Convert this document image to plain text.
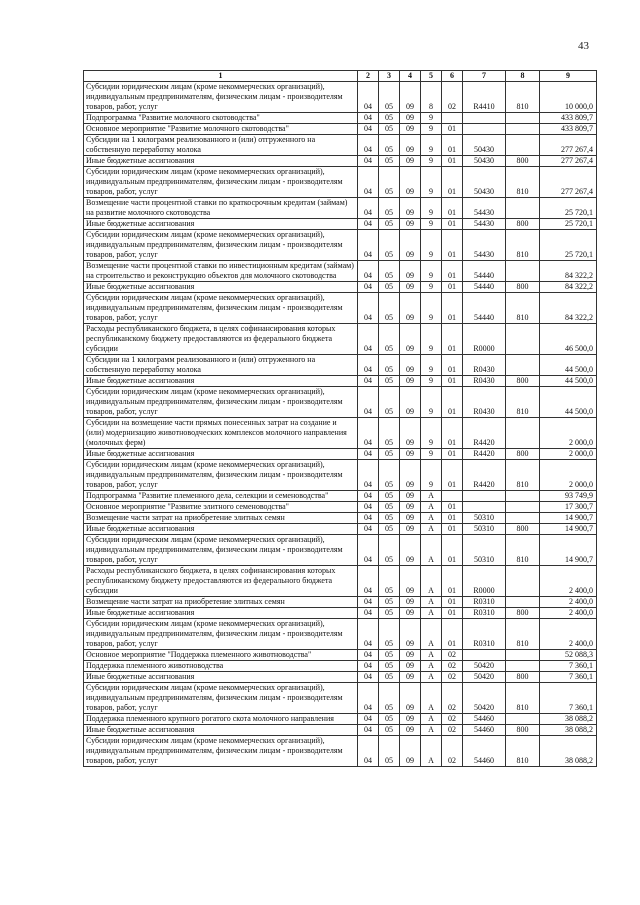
43
1	2	3	4	5	6	7	8	9
Субсидии юридическим лицам (кроме некоммерческих организаций), индивидуальным предпринимателям, физическим лицам - производителям товаров, работ, услуг	04	05	09	8	02	R4410	810	10 000,0
Подпрограмма "Развитие молочного скотоводства"	04	05	09	9				433 809,7
Основное мероприятие "Развитие молочного скотоводства"	04	05	09	9	01			433 809,7
Субсидии на 1 килограмм реализованного и (или) отгруженного на собственную переработку молока	04	05	09	9	01	50430		277 267,4
Иные бюджетные ассигнования	04	05	09	9	01	50430	800	277 267,4
Субсидии юридическим лицам (кроме некоммерческих организаций), индивидуальным предпринимателям, физическим лицам - производителям товаров, работ, услуг	04	05	09	9	01	50430	810	277 267,4
Возмещение части процентной ставки по краткосрочным кредитам (займам) на развитие молочного скотоводства	04	05	09	9	01	54430		25 720,1
Иные бюджетные ассигнования	04	05	09	9	01	54430	800	25 720,1
Субсидии юридическим лицам (кроме некоммерческих организаций), индивидуальным предпринимателям, физическим лицам - производителям товаров, работ, услуг	04	05	09	9	01	54430	810	25 720,1
Возмещение части процентной ставки по инвестиционным кредитам (займам) на строительство и реконструкцию объектов для молочного скотоводства	04	05	09	9	01	54440		84 322,2
Иные бюджетные ассигнования	04	05	09	9	01	54440	800	84 322,2
Субсидии юридическим лицам (кроме некоммерческих организаций), индивидуальным предпринимателям, физическим лицам - производителям товаров, работ, услуг	04	05	09	9	01	54440	810	84 322,2
Расходы республиканского бюджета, в целях софинансирования которых республиканскому бюджету предоставляются из федерального бюджета субсидии	04	05	09	9	01	R0000		46 500,0
Субсидии на 1 килограмм реализованного и (или) отгруженного на собственную переработку молока	04	05	09	9	01	R0430		44 500,0
Иные бюджетные ассигнования	04	05	09	9	01	R0430	800	44 500,0
Субсидии юридическим лицам (кроме некоммерческих организаций), индивидуальным предпринимателям, физическим лицам - производителям товаров, работ, услуг	04	05	09	9	01	R0430	810	44 500,0
Субсидии на возмещение части прямых понесенных затрат на создание и (или) модернизацию животноводческих комплексов молочного направления (молочных ферм)	04	05	09	9	01	R4420		2 000,0
Иные бюджетные ассигнования	04	05	09	9	01	R4420	800	2 000,0
Субсидии юридическим лицам (кроме некоммерческих организаций), индивидуальным предпринимателям, физическим лицам - производителям товаров, работ, услуг	04	05	09	9	01	R4420	810	2 000,0
Подпрограмма "Развитие племенного дела, селекции и семеноводства"	04	05	09	А				93 749,9
Основное мероприятие "Развитие элитного семеноводства"	04	05	09	А	01			17 300,7
Возмещение части затрат на приобретение элитных семян	04	05	09	А	01	50310		14 900,7
Иные бюджетные ассигнования	04	05	09	А	01	50310	800	14 900,7
Субсидии юридическим лицам (кроме некоммерческих организаций), индивидуальным предпринимателям, физическим лицам - производителям товаров, работ, услуг	04	05	09	А	01	50310	810	14 900,7
Расходы республиканского бюджета, в целях софинансирования которых республиканскому бюджету предоставляются из федерального бюджета субсидии	04	05	09	А	01	R0000		2 400,0
Возмещение части затрат на приобретение элитных семян	04	05	09	А	01	R0310		2 400,0
Иные бюджетные ассигнования	04	05	09	А	01	R0310	800	2 400,0
Субсидии юридическим лицам (кроме некоммерческих организаций), индивидуальным предпринимателям, физическим лицам - производителям товаров, работ, услуг	04	05	09	А	01	R0310	810	2 400,0
Основное мероприятие "Поддержка племенного животноводства"	04	05	09	А	02			52 088,3
Поддержка племенного животноводства	04	05	09	А	02	50420		7 360,1
Иные бюджетные ассигнования	04	05	09	А	02	50420	800	7 360,1
Субсидии юридическим лицам (кроме некоммерческих организаций), индивидуальным предпринимателям, физическим лицам - производителям товаров, работ, услуг	04	05	09	А	02	50420	810	7 360,1
Поддержка племенного крупного рогатого скота молочного направления	04	05	09	А	02	54460		38 088,2
Иные бюджетные ассигнования	04	05	09	А	02	54460	800	38 088,2
Субсидии юридическим лицам (кроме некоммерческих организаций), индивидуальным предпринимателям, физическим лицам - производителям товаров, работ, услуг	04	05	09	А	02	54460	810	38 088,2
